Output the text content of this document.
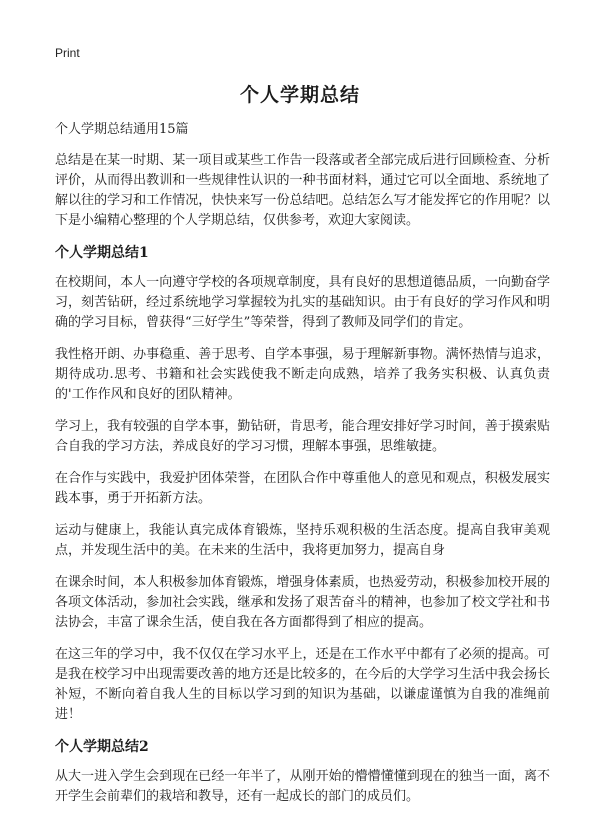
Print
个人学期总结

个人学期总结通用15篇

总结是在某一时期、某一项目或某些工作告一段落或者全部完成后进行回顾检查、分析评价，从而得出教训和一些规律性认识的一种书面材料，通过它可以全面地、系统地了解以往的学习和工作情况，快快来写一份总结吧。总结怎么写才能发挥它的作用呢？以下是小编精心整理的个人学期总结，仅供参考，欢迎大家阅读。

个人学期总结1

在校期间，本人一向遵守学校的各项规章制度，具有良好的思想道德品质，一向勤奋学习，刻苦钻研，经过系统地学习掌握较为扎实的基础知识。由于有良好的学习作风和明确的学习目标，曾获得“三好学生”等荣誉，得到了教师及同学们的肯定。

我性格开朗、办事稳重、善于思考、自学本事强，易于理解新事物。满怀热情与追求，期待成功.思考、书籍和社会实践使我不断走向成熟，培养了我务实积极、认真负责的'工作作风和良好的团队精神。

学习上，我有较强的自学本事，勤钻研，肯思考，能合理安排好学习时间，善于摸索贴合自我的学习方法，养成良好的学习习惯，理解本事强，思维敏捷。

在合作与实践中，我爱护团体荣誉，在团队合作中尊重他人的意见和观点，积极发展实践本事，勇于开拓新方法。

运动与健康上，我能认真完成体育锻炼，坚持乐观积极的生活态度。提高自我审美观点，并发现生活中的美。在未来的生活中，我将更加努力，提高自身

在课余时间，本人积极参加体育锻炼，增强身体素质，也热爱劳动，积极参加校开展的各项文体活动，参加社会实践，继承和发扬了艰苦奋斗的精神，也参加了校文学社和书法协会，丰富了课余生活，使自我在各方面都得到了相应的提高。

在这三年的学习中，我不仅仅在学习水平上，还是在工作水平中都有了必须的提高。可是我在校学习中出现需要改善的地方还是比较多的，在今后的大学学习生活中我会扬长补短，不断向着自我人生的目标以学习到的知识为基础，以谦虚谨慎为自我的准绳前进！

个人学期总结2

从大一进入学生会到现在已经一年半了，从刚开始的懵懵懂懂到现在的独当一面，离不开学生会前辈们的栽培和教导，还有一起成长的部门的成员们。
